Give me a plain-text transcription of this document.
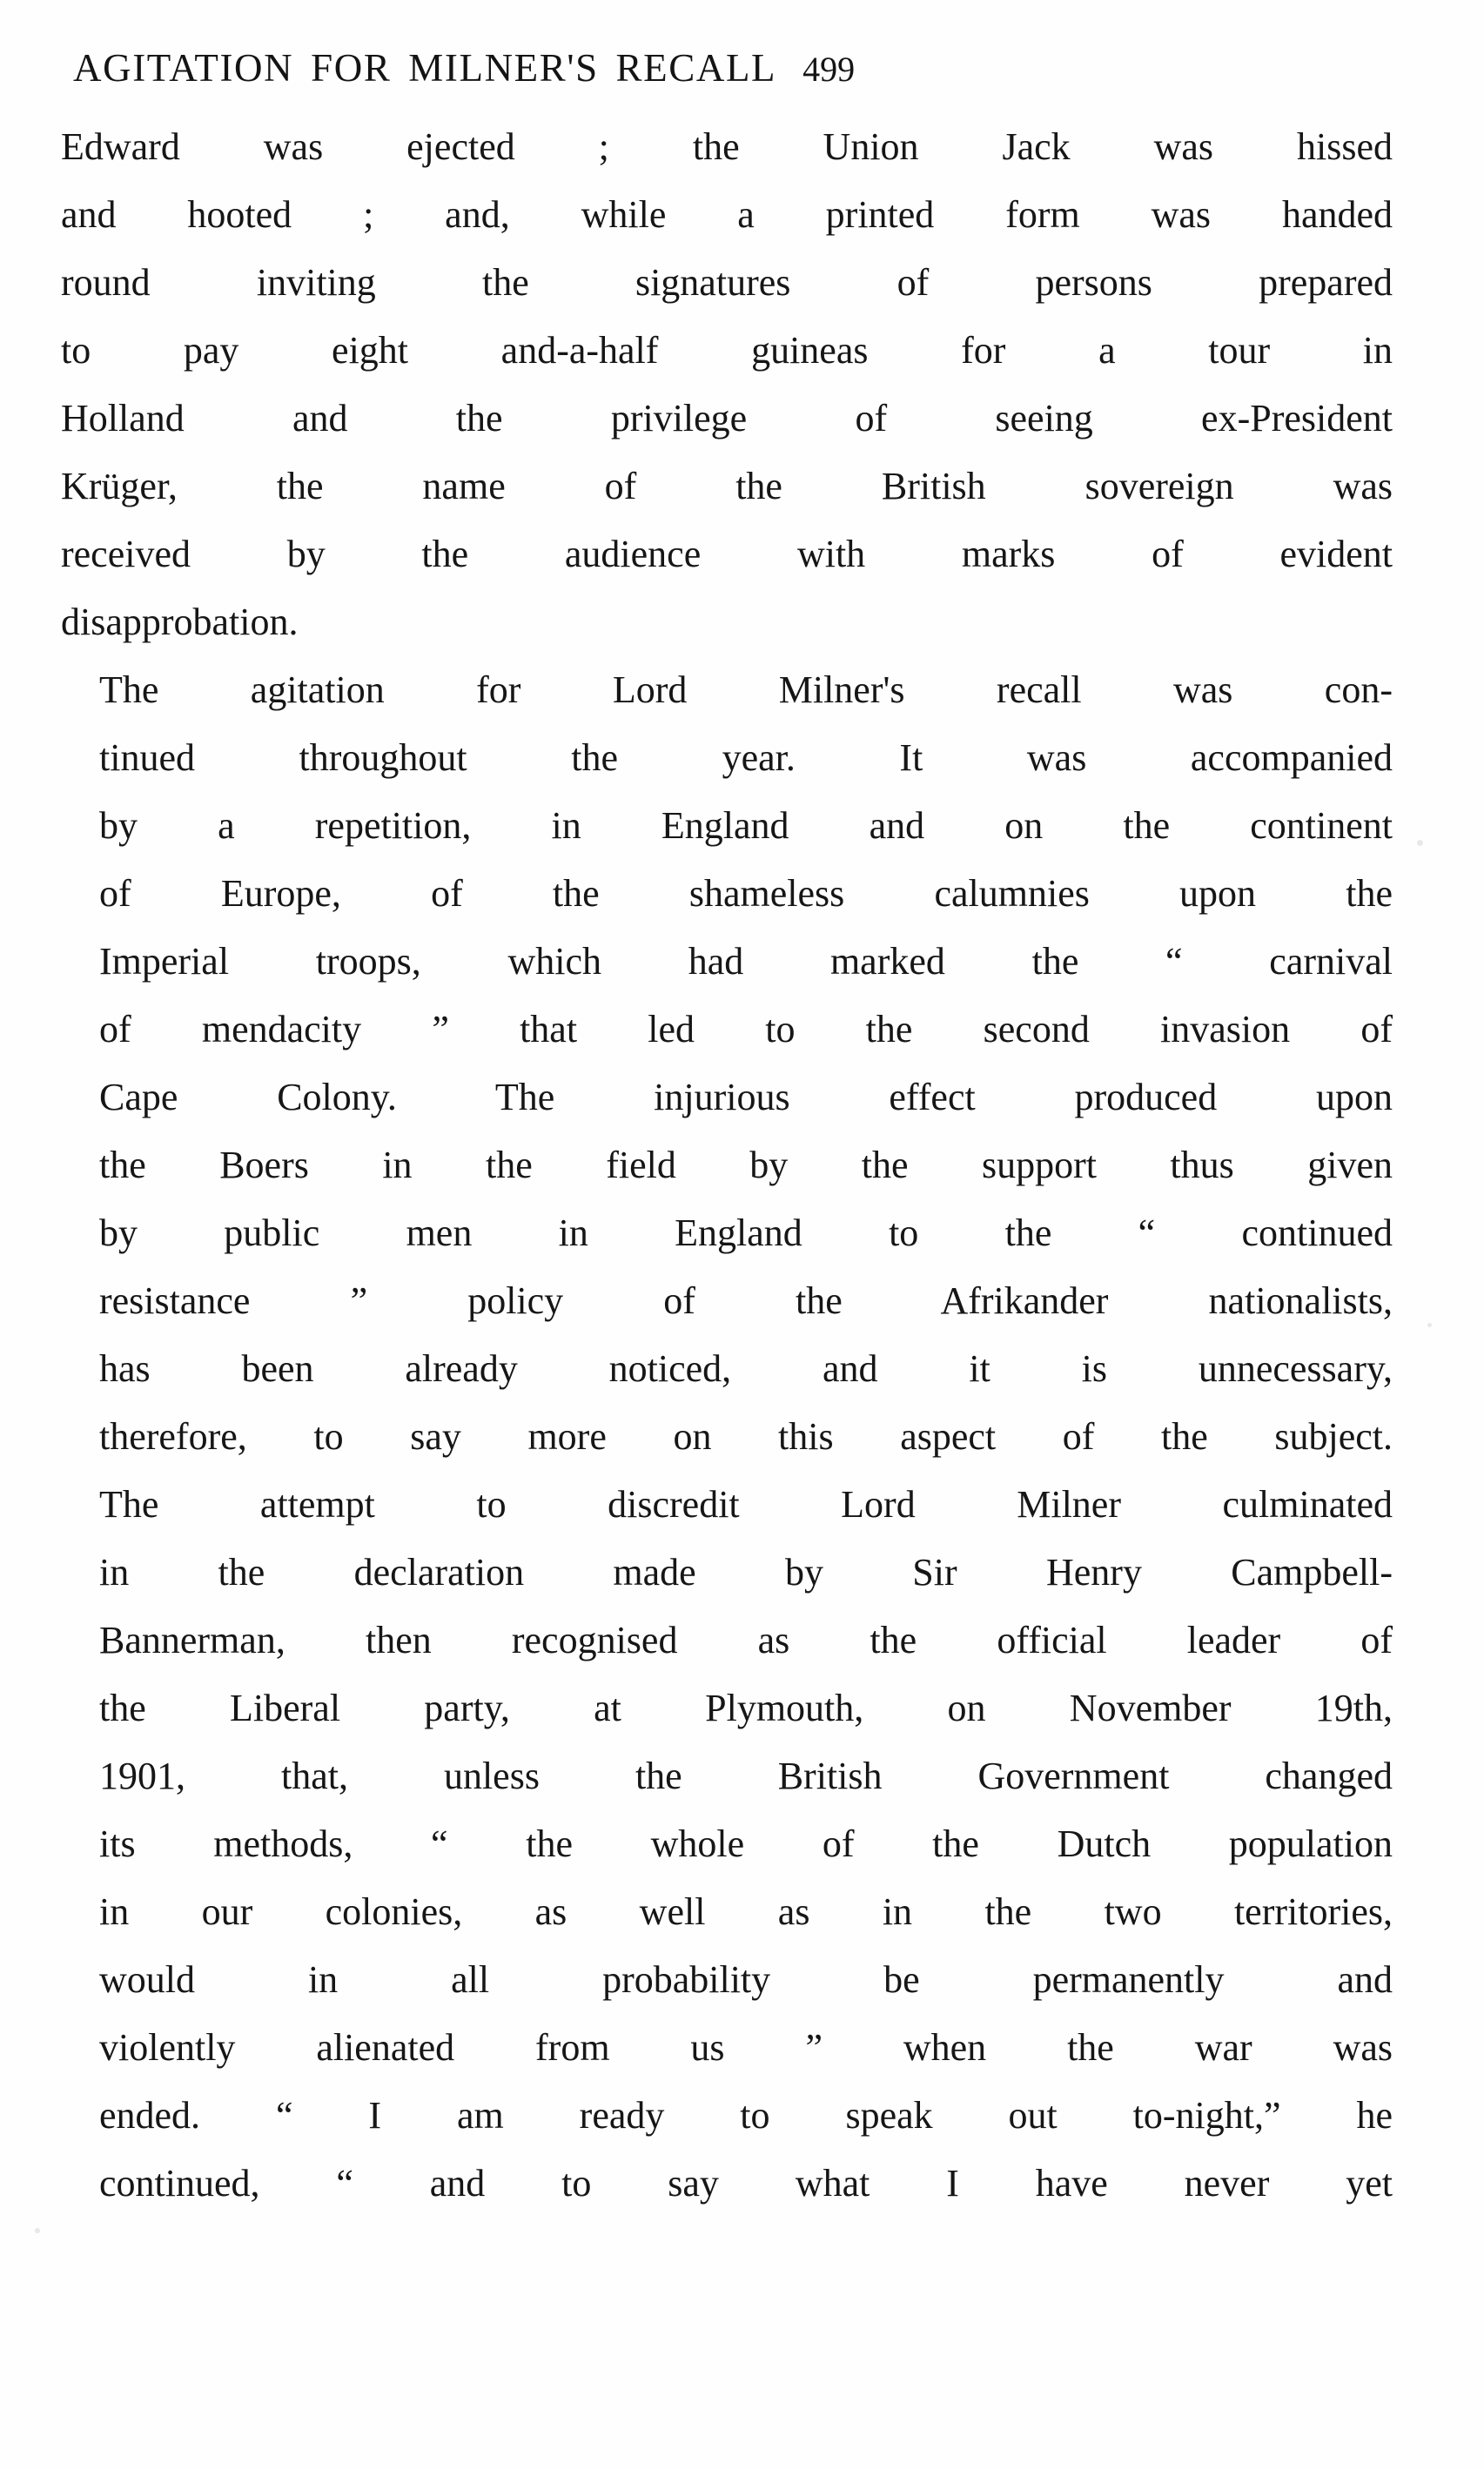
AGITATION FOR MILNER'S RECALL 499

Edward was ejected ; the Union Jack was hissed
and hooted ; and, while a printed form was handed
round inviting the signatures of persons prepared
to pay eight and-a-half guineas for a tour in
Holland and the privilege of seeing ex-President
Krüger, the name of the British sovereign was
received by the audience with marks of evident
disapprobation.

The agitation for Lord Milner's recall was con-
tinued throughout the year. It was accompanied
by a repetition, in England and on the continent
of Europe, of the shameless calumnies upon the
Imperial troops, which had marked the “ carnival
of mendacity ” that led to the second invasion of
Cape Colony. The injurious effect produced upon
the Boers in the field by the support thus given
by public men in England to the “ continued
resistance ” policy of the Afrikander nationalists,
has been already noticed, and it is unnecessary,
therefore, to say more on this aspect of the subject.
The attempt to discredit Lord Milner culminated
in the declaration made by Sir Henry Campbell-
Bannerman, then recognised as the official leader of
the Liberal party, at Plymouth, on November 19th,
1901, that, unless the British Government changed
its methods, “ the whole of the Dutch population
in our colonies, as well as in the two territories,
would in all probability be permanently and
violently alienated from us ” when the war was
ended. “ I am ready to speak out to-night,” he
continued, “ and to say what I have never yet
